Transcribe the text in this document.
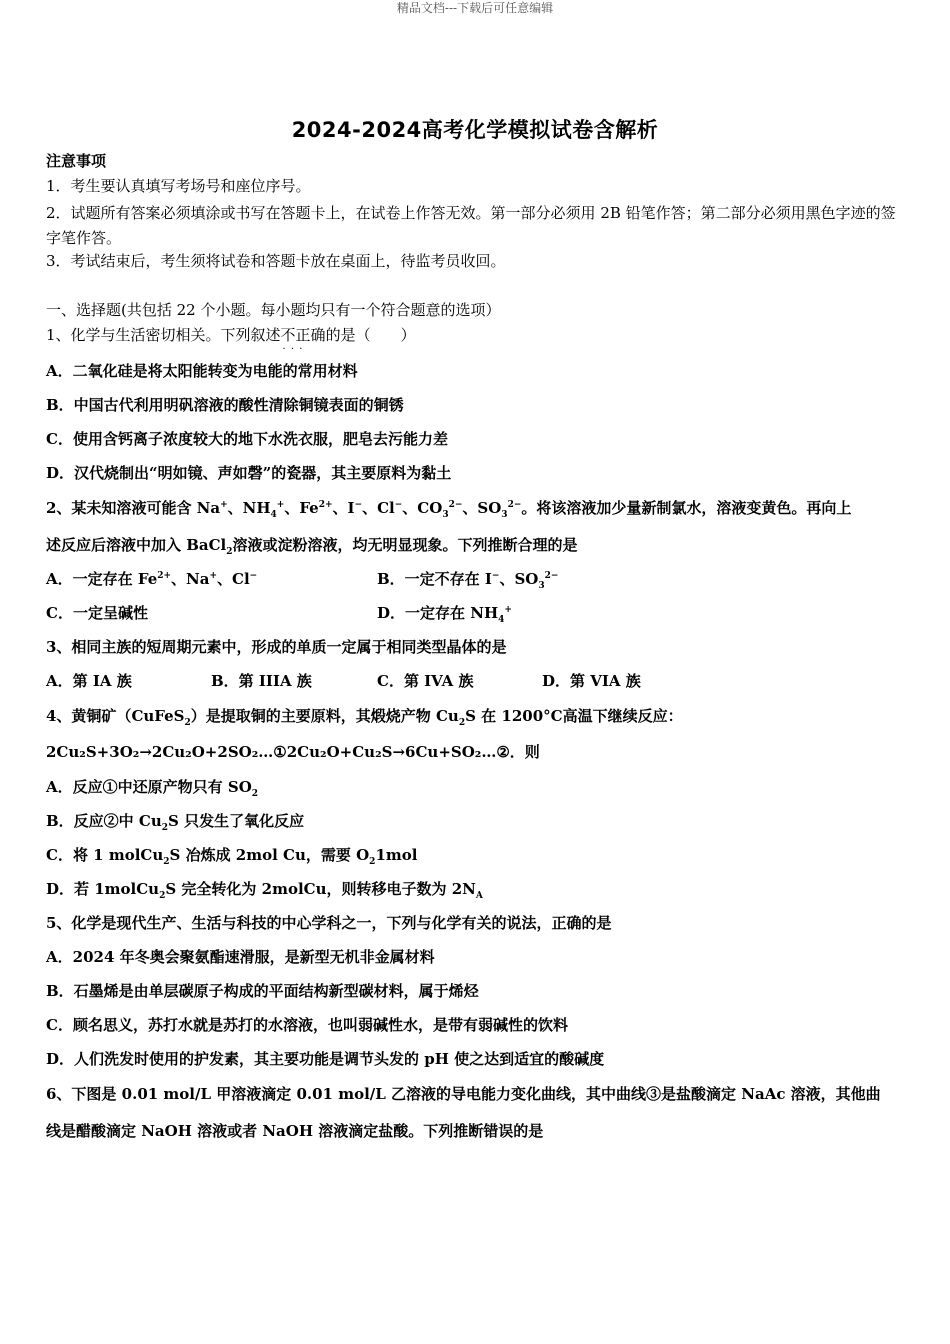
精品文档---下载后可任意编辑
2024-2024高考化学模拟试卷含解析
注意事项
1．考生要认真填写考场号和座位序号。
2．试题所有答案必须填涂或书写在答题卡上，在试卷上作答无效。第一部分必须用 2B 铅笔作答；第二部分必须用黑色字迹的签字笔作答。
3．考试结束后，考生须将试卷和答题卡放在桌面上，待监考员收回。
一、选择题(共包括 22 个小题。每小题均只有一个符合题意的选项）
1、化学与生活密切相关。下列叙述不正确 · · ·的是（　　）
A．二氧化硅是将太阳能转变为电能的常用材料
B．中国古代利用明矾溶液的酸性清除铜镜表面的铜锈
C．使用含钙离子浓度较大的地下水洗衣服，肥皂去污能力差
D．汉代烧制出“明如镜、声如磬”的瓷器，其主要原料为黏土
2、某未知溶液可能含 Na+、$NH_4^+$、$Fe^{2+}$、I−、Cl−、$CO_3^{2-}$、$SO_3^{2-}$。将该溶液加少量新制氯水，溶液变黄色。再向上
述反应后溶液中加入 BaCl$_2$溶液或淀粉溶液，均无明显现象。下列推断合理的是
A．一定存在 $Fe^{2+}$、Na+、Cl−	B．一定不存在 I−、$SO_3^{2-}$
C．一定呈碱性	D．一定存在 $NH_4^+$
3、相同主族的短周期元素中，形成的单质一定属于相同类型晶体的是
A．第 IA 族	B．第 IIIA 族	C．第 IVA 族	D．第 VIA 族
4、黄铜矿（CuFeS$_2$）是提取铜的主要原料，其煅烧产物 $Cu_2S$ 在 1200°C高温下继续反应：
2Cu₂S+3O₂→2Cu₂O+2SO₂…①2Cu₂O+Cu₂S→6Cu+SO₂…②．则
A．反应①中还原产物只有 $SO_2$
B．反应②中 $Cu_2S$ 只发生了氧化反应
C．将 1 molCu$_2$S 冶炼成 2mol Cu，需要 $O_21mol$
D．若 1molCu$_2$S 完全转化为 2molCu，则转移电子数为 $2N_A$
5、化学是现代生产、生活与科技的中心学科之一，下列与化学有关的说法，正确的是
A．2024 年冬奥会聚氨酯速滑服，是新型无机非金属材料
B．石墨烯是由单层碳原子构成的平面结构新型碳材料，属于烯烃
C．顾名思义，苏打水就是苏打的水溶液，也叫弱碱性水，是带有弱碱性的饮料
D．人们洗发时使用的护发素，其主要功能是调节头发的 pH 使之达到适宜的酸碱度
6、下图是 0.01 mol/L 甲溶液滴定 0.01 mol/L 乙溶液的导电能力变化曲线，其中曲线③是盐酸滴定 NaAc 溶液，其他曲
线是醋酸滴定 NaOH 溶液或者 NaOH 溶液滴定盐酸。下列推断错误的是
